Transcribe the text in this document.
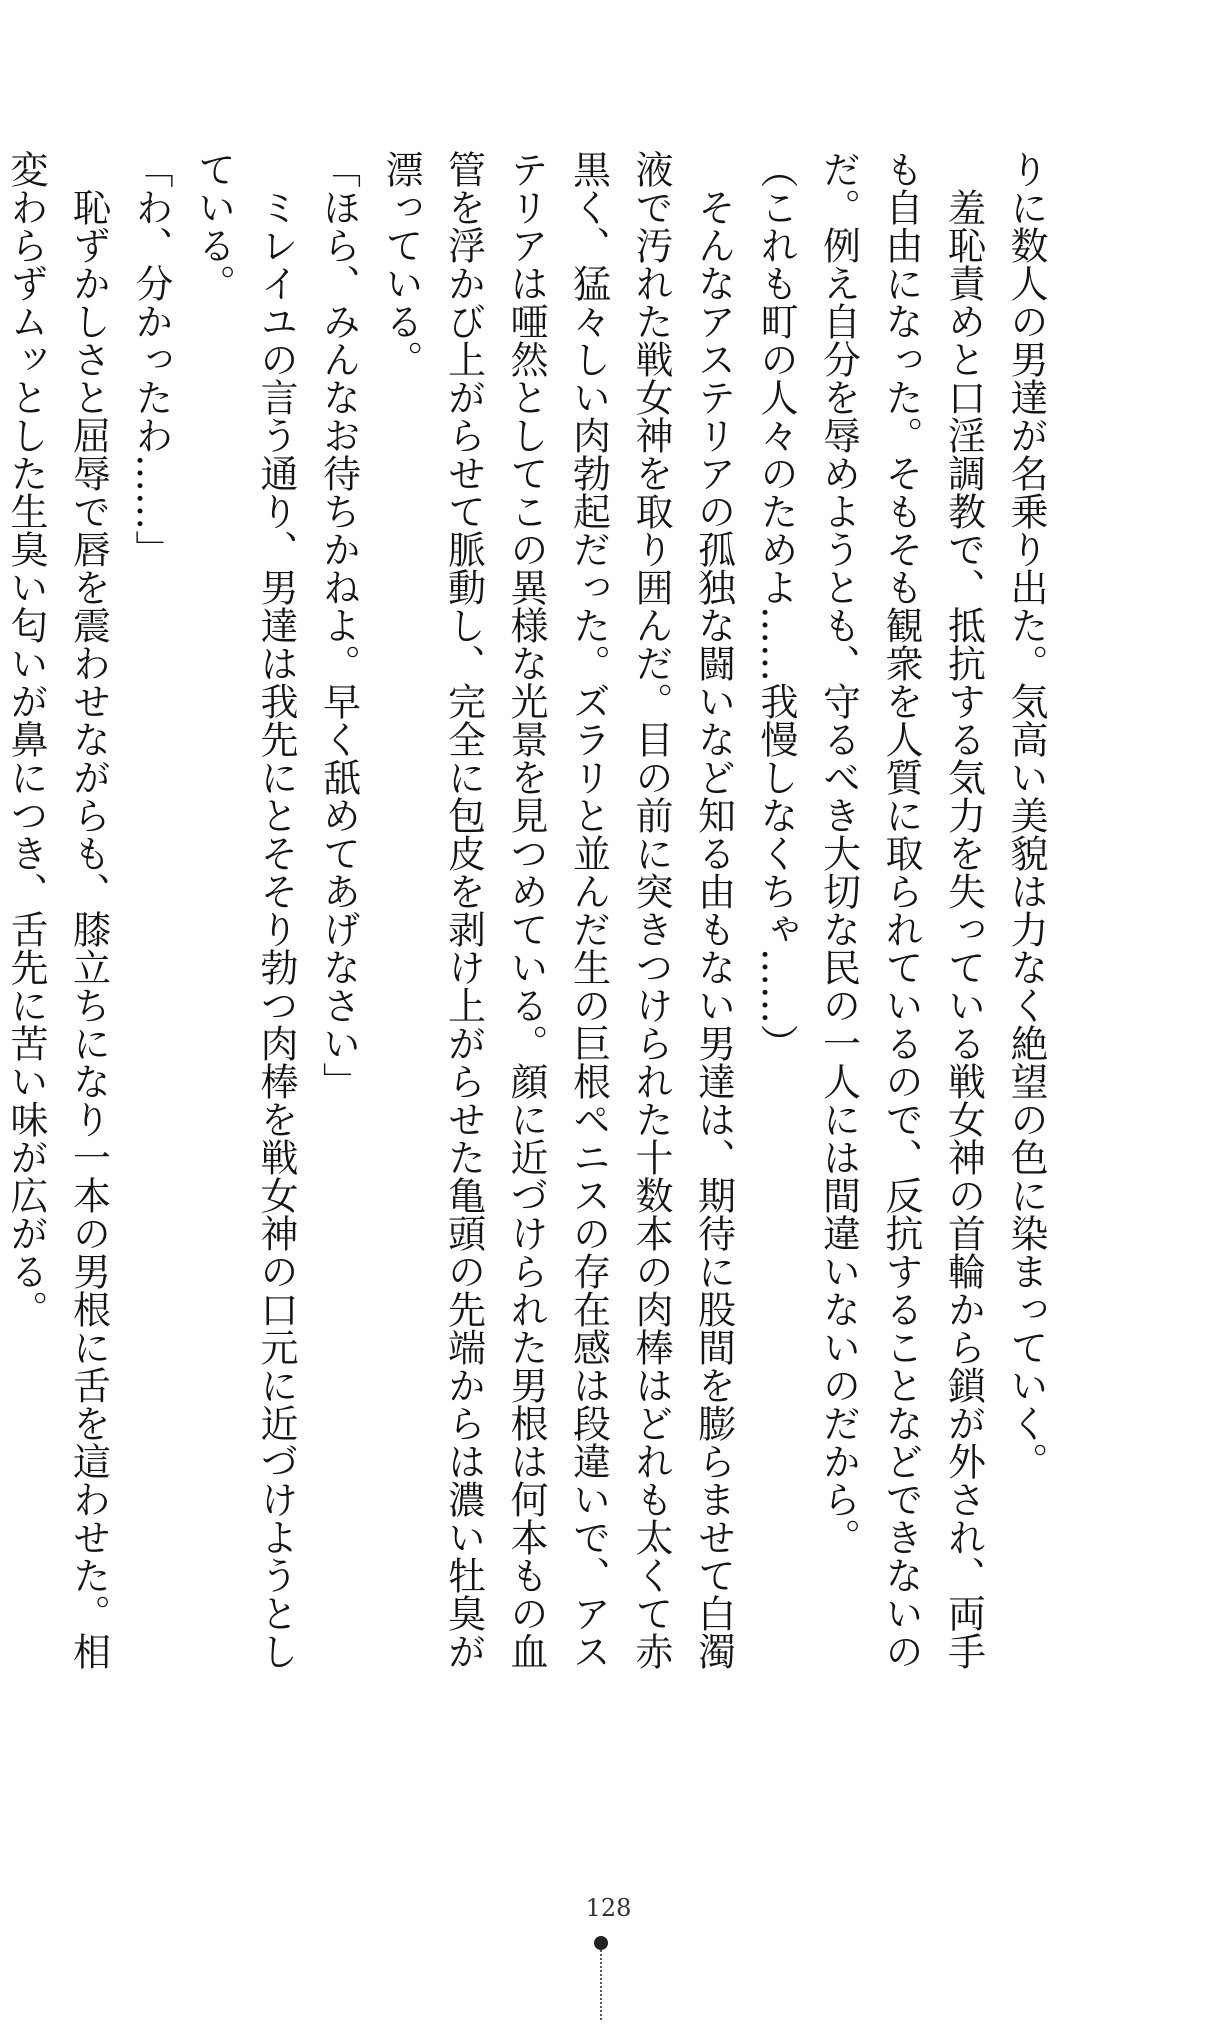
りに数人の男達が名乗り出た。気高い美貌は力なく絶望の色に染まっていく。
　羞恥責めと口淫調教で、抵抗する気力を失っている戦女神の首輪から鎖が外され、両手
も自由になった。そもそも観衆を人質に取られているので、反抗することなどできないの
だ。例え自分を辱めようとも、守るべき大切な民の一人には間違いないのだから。
（これも町の人々のためよ……我慢しなくちゃ……）
　そんなアステリアの孤独な闘いなど知る由もない男達は、期待に股間を膨らませて白濁
液で汚れた戦女神を取り囲んだ。目の前に突きつけられた十数本の肉棒はどれも太くて赤
黒く、猛々しい肉勃起だった。ズラリと並んだ生の巨根ペニスの存在感は段違いで、アス
テリアは唖然としてこの異様な光景を見つめている。顔に近づけられた男根は何本もの血
管を浮かび上がらせて脈動し、完全に包皮を剥け上がらせた亀頭の先端からは濃い牡臭が
漂っている。
「ほら、みんなお待ちかねよ。早く舐めてあげなさい」
　ミレイユの言う通り、男達は我先にとそそり勃つ肉棒を戦女神の口元に近づけようとし
ている。
「わ、分かったわ……」
　恥ずかしさと屈辱で唇を震わせながらも、膝立ちになり一本の男根に舌を這わせた。相
変わらずムッとした生臭い匂いが鼻につき、舌先に苦い味が広がる。
128
